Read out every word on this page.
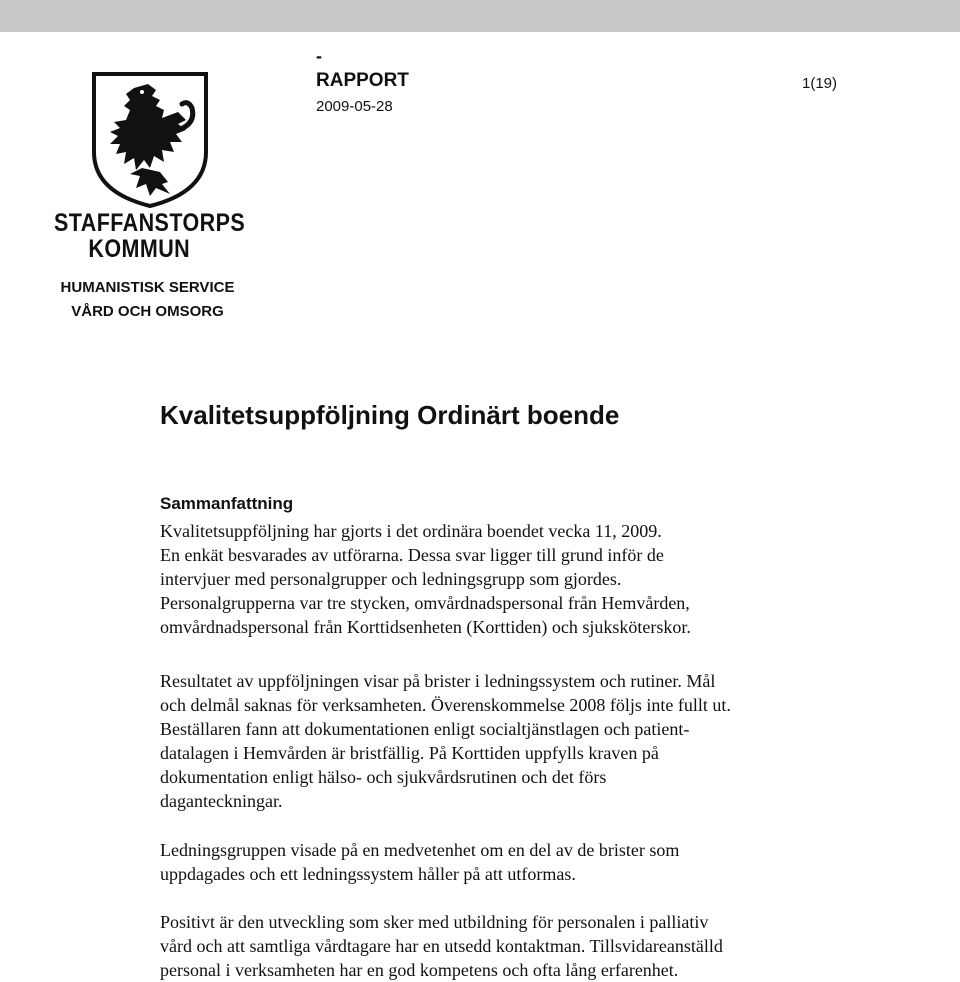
STAFFANSTORPS
KOMMUN
HUMANISTISK SERVICE
VÅRD OCH OMSORG
-
RAPPORT
2009-05-28
1(19)
Kvalitetsuppföljning Ordinärt boende
Sammanfattning
Kvalitetsuppföljning har gjorts i det ordinära boendet vecka 11, 2009.
En enkät besvarades av utförarna. Dessa svar ligger till grund inför de
intervjuer med personalgrupper och ledningsgrupp som gjordes.
Personalgrupperna var tre stycken, omvårdnadspersonal från Hemvården,
omvårdnadspersonal från Korttidsenheten (Korttiden) och sjuksköterskor.
Resultatet av uppföljningen visar på brister i ledningssystem och rutiner. Mål
och delmål saknas för verksamheten. Överenskommelse 2008 följs inte fullt ut.
Beställaren fann att dokumentationen enligt socialtjänstlagen och patient-
datalagen i Hemvården är bristfällig. På Korttiden uppfylls kraven på
dokumentation enligt hälso- och sjukvårdsrutinen och det förs
daganteckningar.
Ledningsgruppen visade på en medvetenhet om en del av de brister som
uppdagades och ett ledningssystem håller på att utformas.
Positivt är den utveckling som sker med utbildning för personalen i palliativ
vård och att samtliga vårdtagare har en utsedd kontaktman. Tillsvidareanställd
personal i verksamheten har en god kompetens och ofta lång erfarenhet.
